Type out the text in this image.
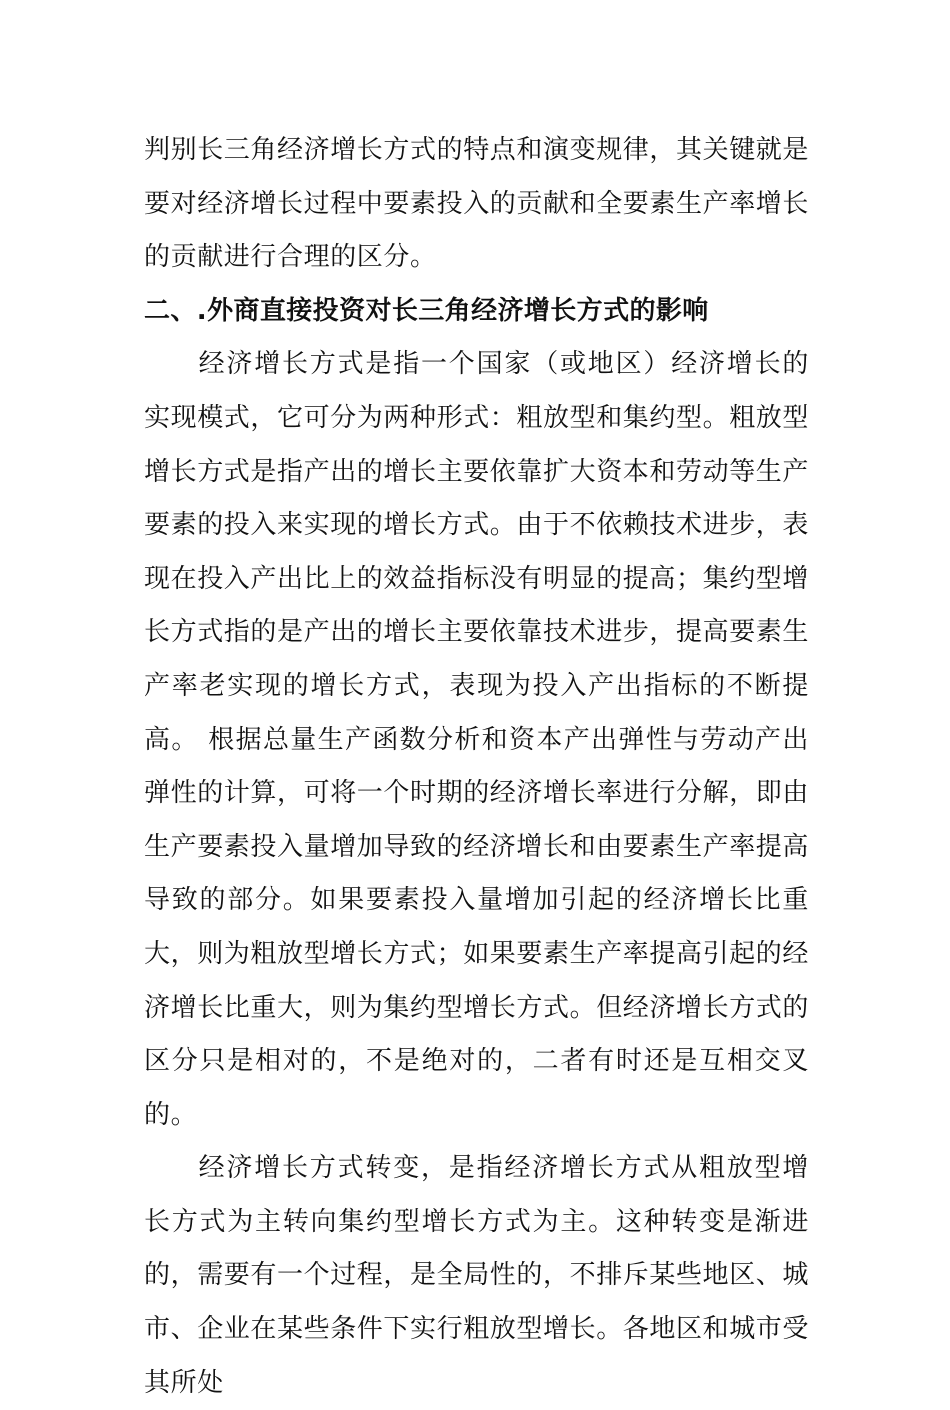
判别长三角经济增长方式的特点和演变规律，其关键就是要对经济增长过程中要素投入的贡献和全要素生产率增长的贡献进行合理的区分。

二、.外商直接投资对长三角经济增长方式的影响

经济增长方式是指一个国家（或地区）经济增长的实现模式，它可分为两种形式：粗放型和集约型。粗放型增长方式是指产出的增长主要依靠扩大资本和劳动等生产要素的投入来实现的增长方式。由于不依赖技术进步，表现在投入产出比上的效益指标没有明显的提高；集约型增长方式指的是产出的增长主要依靠技术进步，提高要素生产率老实现的增长方式，表现为投入产出指标的不断提高。 根据总量生产函数分析和资本产出弹性与劳动产出弹性的计算，可将一个时期的经济增长率进行分解，即由生产要素投入量增加导致的经济增长和由要素生产率提高导致的部分。如果要素投入量增加引起的经济增长比重大，则为粗放型增长方式；如果要素生产率提高引起的经济增长比重大，则为集约型增长方式。但经济增长方式的区分只是相对的，不是绝对的，二者有时还是互相交叉的。

经济增长方式转变，是指经济增长方式从粗放型增长方式为主转向集约型增长方式为主。这种转变是渐进的，需要有一个过程，是全局性的，不排斥某些地区、城市、企业在某些条件下实行粗放型增长。各地区和城市受其所处
